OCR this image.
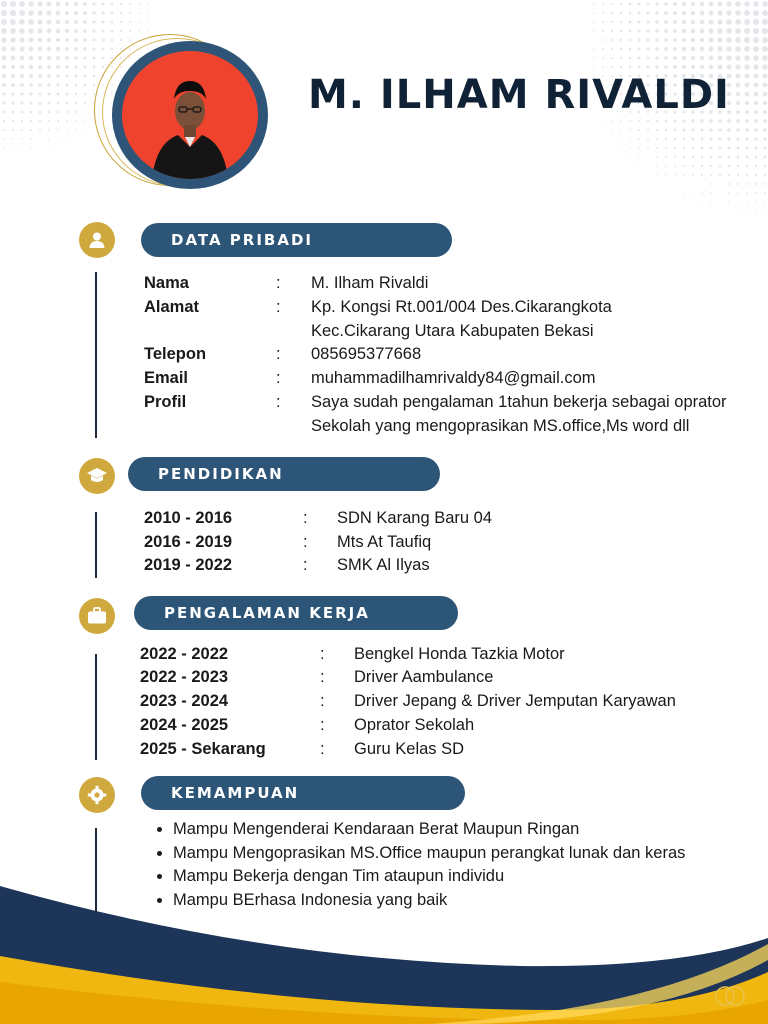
M. ILHAM RIVALDI
DATA PRIBADI
Nama	: M. Ilham Rivaldi
Alamat	: Kp. Kongsi Rt.001/004 Des.Cikarangkota
Kec.Cikarang Utara Kabupaten Bekasi
Telepon	: 085695377668
Email	: muhammadilhamrivaldy84@gmail.com
Profil	: Saya sudah pengalaman 1tahun bekerja sebagai oprator
Sekolah yang mengoprasikan MS.office,Ms word dll
PENDIDIKAN
2010 - 2016	: SDN Karang Baru 04
2016 - 2019	: Mts At Taufiq
2019 - 2022	: SMK Al Ilyas
PENGALAMAN KERJA
2022 - 2022	: Bengkel Honda Tazkia Motor
2022 - 2023	: Driver Aambulance
2023 - 2024	: Driver Jepang & Driver Jemputan Karyawan
2024 - 2025	: Oprator Sekolah
2025 - Sekarang	: Guru Kelas SD
KEMAMPUAN
• Mampu Mengenderai Kendaraan Berat Maupun Ringan
• Mampu Mengoprasikan MS.Office maupun perangkat lunak dan keras
• Mampu Bekerja dengan Tim ataupun individu
• Mampu BErhasa Indonesia yang baik
